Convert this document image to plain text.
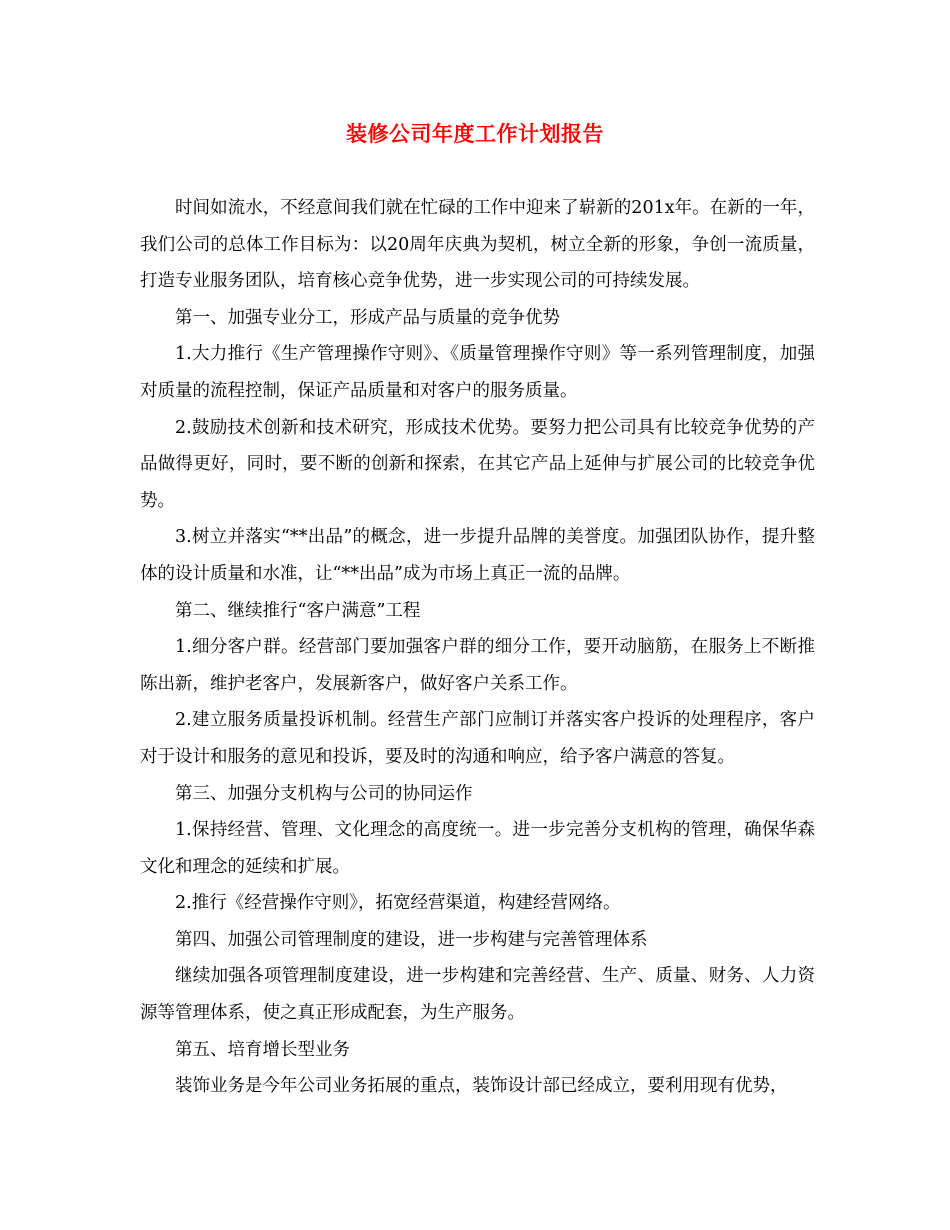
装修公司年度工作计划报告

时间如流水，不经意间我们就在忙碌的工作中迎来了崭新的201x年。在新的一年，我们公司的总体工作目标为：以20周年庆典为契机，树立全新的形象，争创一流质量，打造专业服务团队，培育核心竞争优势，进一步实现公司的可持续发展。

第一、加强专业分工，形成产品与质量的竞争优势

1.大力推行《生产管理操作守则》、《质量管理操作守则》等一系列管理制度，加强对质量的流程控制，保证产品质量和对客户的服务质量。

2.鼓励技术创新和技术研究，形成技术优势。要努力把公司具有比较竞争优势的产品做得更好，同时，要不断的创新和探索，在其它产品上延伸与扩展公司的比较竞争优势。

3.树立并落实“**出品”的概念，进一步提升品牌的美誉度。加强团队协作，提升整体的设计质量和水准，让“**出品”成为市场上真正一流的品牌。

第二、继续推行“客户满意”工程

1.细分客户群。经营部门要加强客户群的细分工作，要开动脑筋，在服务上不断推陈出新，维护老客户，发展新客户，做好客户关系工作。

2.建立服务质量投诉机制。经营生产部门应制订并落实客户投诉的处理程序，客户对于设计和服务的意见和投诉，要及时的沟通和响应，给予客户满意的答复。

第三、加强分支机构与公司的协同运作

1.保持经营、管理、文化理念的高度统一。进一步完善分支机构的管理，确保华森文化和理念的延续和扩展。

2.推行《经营操作守则》，拓宽经营渠道，构建经营网络。

第四、加强公司管理制度的建设，进一步构建与完善管理体系

继续加强各项管理制度建设，进一步构建和完善经营、生产、质量、财务、人力资源等管理体系，使之真正形成配套，为生产服务。

第五、培育增长型业务

装饰业务是今年公司业务拓展的重点，装饰设计部已经成立，要利用现有优势，
